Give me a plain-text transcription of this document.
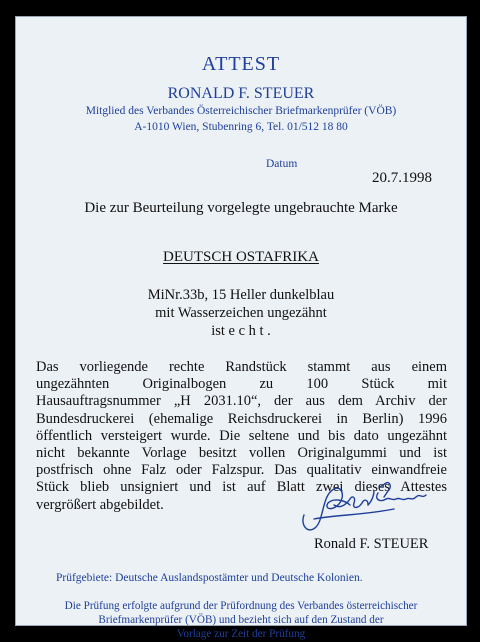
ATTEST
RONALD F. STEUER
Mitglied des Verbandes Österreichischer Briefmarkenprüfer (VÖB)
A-1010 Wien, Stubenring 6, Tel. 01/512 18 80
Datum
20.7.1998
Die zur Beurteilung vorgelegte ungebrauchte Marke
DEUTSCH OSTAFRIKA
MiNr.33b, 15 Heller dunkelblau
mit Wasserzeichen ungezähnt
ist e c h t .
Das vorliegende rechte Randstück stammt aus einem
ungezähnten Originalbogen zu 100 Stück mit
Hausauftragsnummer „H 2031.10“, der aus dem Archiv der
Bundesdruckerei (ehemalige Reichsdruckerei in Berlin) 1996
öffentlich versteigert wurde. Die seltene und bis dato ungezähnt
nicht bekannte Vorlage besitzt vollen Originalgummi und ist
postfrisch ohne Falz oder Falzspur. Das qualitativ einwandfreie
Stück blieb unsigniert und ist auf Blatt zwei dieses Attestes
vergrößert abgebildet.
Ronald F. STEUER
Prüfgebiete: Deutsche Auslandspostämter und Deutsche Kolonien.
Die Prüfung erfolgte aufgrund der Prüfordnung des Verbandes österreichischer
Briefmarkenprüfer (VÖB) und bezieht sich auf den Zustand der
Vorlage zur Zeit der Prüfung
